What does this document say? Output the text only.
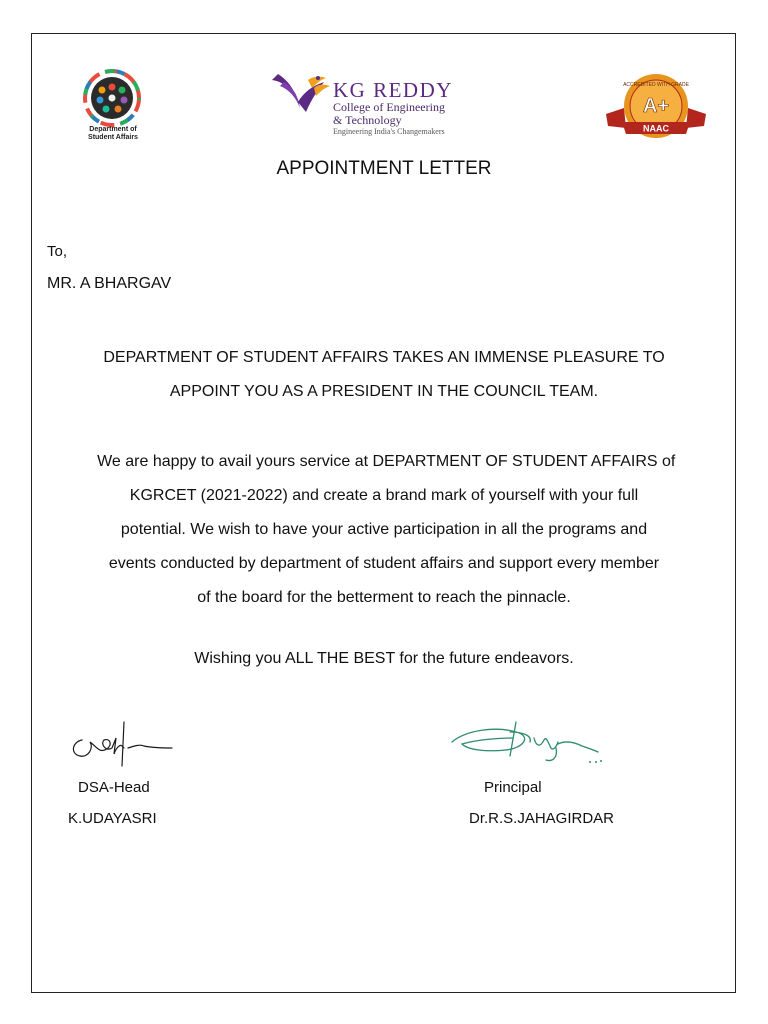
Department of
Student Affairs
KG REDDY
College of Engineering
& Technology
Engineering India's Changemakers
ACCREDITED WITH GRADE
A+
NAAC
APPOINTMENT LETTER
To,
MR. A BHARGAV
DEPARTMENT OF STUDENT AFFAIRS TAKES AN IMMENSE PLEASURE TO
APPOINT YOU AS A PRESIDENT IN THE COUNCIL TEAM.
We are happy to avail yours service at DEPARTMENT OF STUDENT AFFAIRS of
KGRCET (2021-2022) and create a brand mark of yourself with your full
potential. We wish to have your active participation in all the programs and
events conducted by department of student affairs and support every member
of the board for the betterment to reach the pinnacle.
Wishing you ALL THE BEST for the future endeavors.
DSA-Head	Principal
K.UDAYASRI	Dr.R.S.JAHAGIRDAR
